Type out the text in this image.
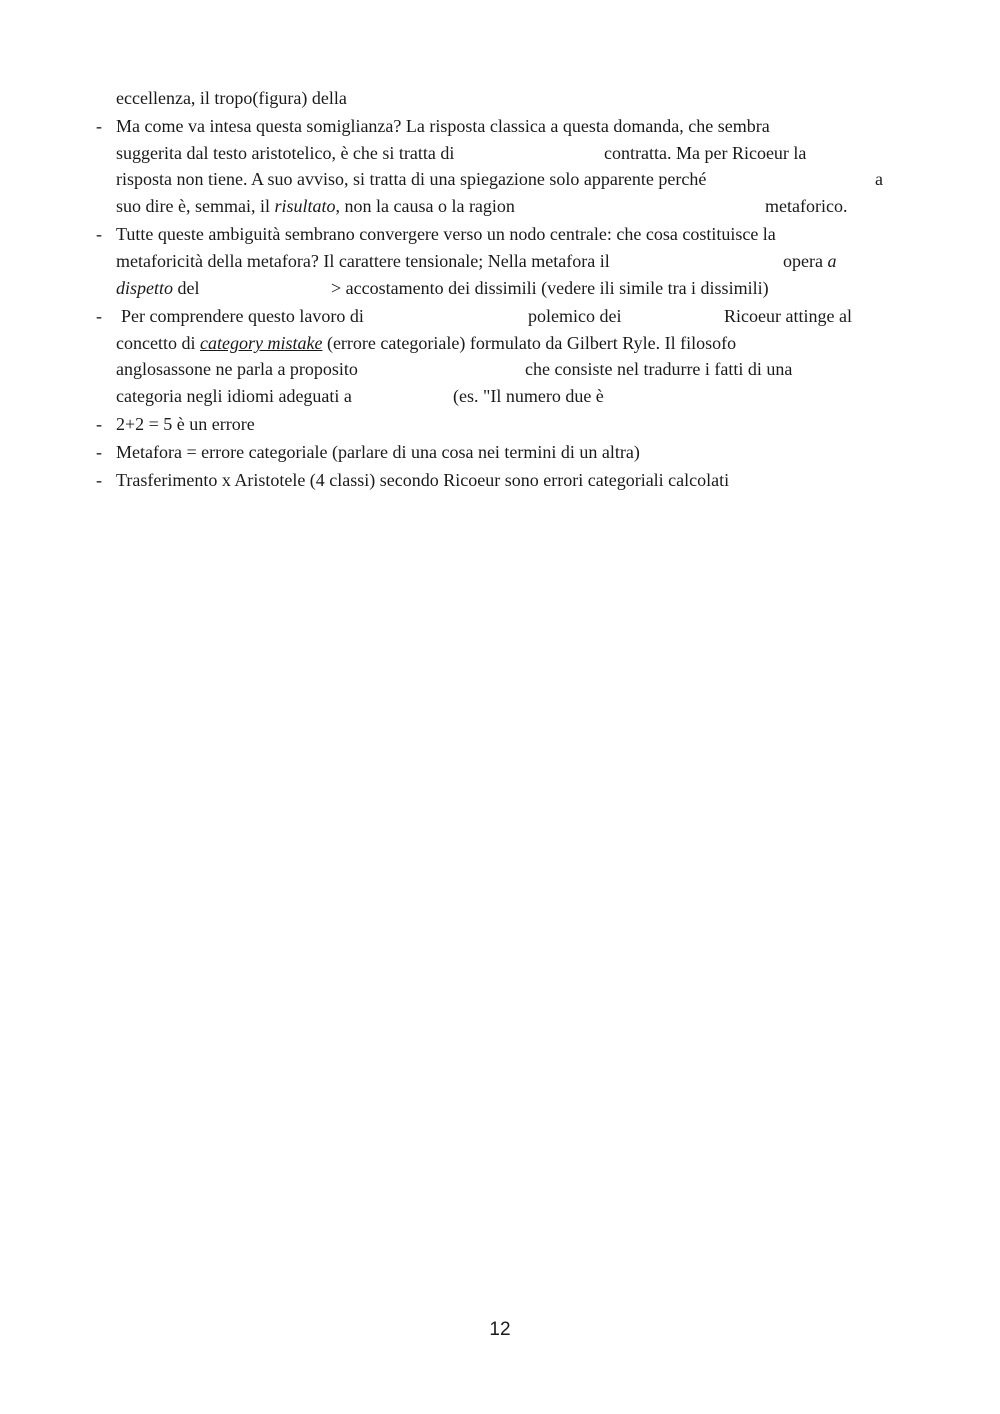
eccellenza, il tropo(figura) della
- Ma come va intesa questa somiglianza? La risposta classica a questa domanda, che sembra
suggerita dal testo aristotelico, è che si tratta di	contratta. Ma per Ricoeur la
risposta non tiene. A suo avviso, si tratta di una spiegazione solo apparente perché	a
suo dire è, semmai, il risultato, non la causa o la ragion	metaforico.
- Tutte queste ambiguità sembrano convergere verso un nodo centrale: che cosa costituisce la
metaforicità della metafora? Il carattere tensionale; Nella metafora il	opera a
dispetto del	> accostamento dei dissimili (vedere ili simile tra i dissimili)
- Per comprendere questo lavoro di	polemico dei	Ricoeur attinge al
concetto di category mistake (errore categoriale) formulato da Gilbert Ryle. Il filosofo
anglosassone ne parla a proposito	che consiste nel tradurre i fatti di una
categoria negli idiomi adeguati a	(es. "Il numero due è
- 2+2 = 5 è un errore
- Metafora = errore categoriale (parlare di una cosa nei termini di un altra)
- Trasferimento x Aristotele (4 classi) secondo Ricoeur sono errori categoriali calcolati
12
